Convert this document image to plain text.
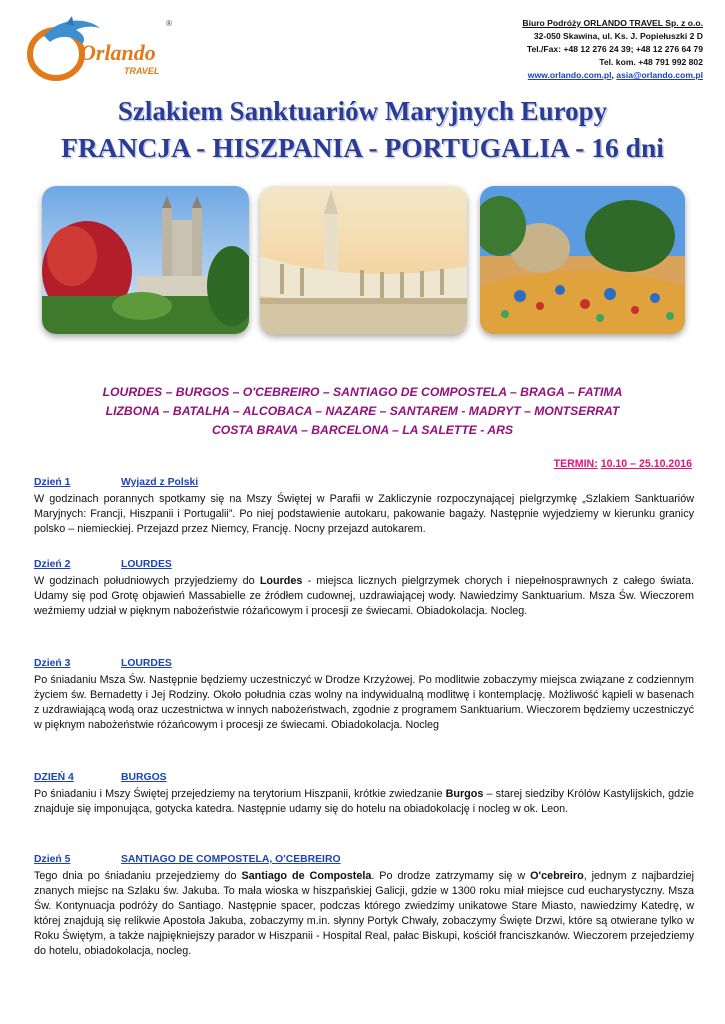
Orlando
TRAVEL
®	Biuro Podróży ORLANDO TRAVEL Sp. z o.o.
32-050 Skawina, ul. Ks. J. Popiełuszki 2 D
Tel./Fax: +48 12 276 24 39; +48 12 276 64 79
Tel. kom. +48 791 992 802
www.orlando.com.pl, asia@orlando.com.pl
Szlakiem Sanktuariów Maryjnych Europy
FRANCJA - HISZPANIA - PORTUGALIA - 16 dni
LOURDES – BURGOS – O'CEBREIRO – SANTIAGO DE COMPOSTELA – BRAGA – FATIMA
LIZBONA – BATALHA – ALCOBACA – NAZARE – SANTAREM - MADRYT – MONTSERRAT
COSTA BRAVA – BARCELONA – LA SALETTE - ARS
TERMIN: 10.10 – 25.10.2016
Dzień 1	Wyjazd z Polski

W godzinach porannych spotkamy się na Mszy Świętej w Parafii w Zakliczynie rozpoczynającej pielgrzymkę „Szlakiem Sanktuariów Maryjnych: Francji, Hiszpanii i Portugalii”. Po niej podstawienie autokaru, pakowanie bagaży. Następnie wyjedziemy w kierunku granicy polsko – niemieckiej. Przejazd przez Niemcy, Francję. Nocny przejazd autokarem.

Dzień 2	LOURDES

W godzinach południowych przyjedziemy do Lourdes - miejsca licznych pielgrzymek chorych i niepełnosprawnych z całego świata. Udamy się pod Grotę objawień Massabielle ze źródłem cudownej, uzdrawiającej wody. Nawiedzimy Sanktuarium. Msza Św. Wieczorem weźmiemy udział w pięknym nabożeństwie różańcowym i procesji ze świecami. Obiadokolacja. Nocleg.

Dzień 3	LOURDES

Po śniadaniu Msza Św. Następnie będziemy uczestniczyć w Drodze Krzyżowej. Po modlitwie zobaczymy miejsca związane z codziennym życiem św. Bernadetty i Jej Rodziny. Około południa czas wolny na indywidualną modlitwę i kontemplację. Możliwość kąpieli w basenach z uzdrawiającą wodą oraz uczestnictwa w innych nabożeństwach, zgodnie z programem Sanktuarium. Wieczorem będziemy uczestniczyć w pięknym nabożeństwie różańcowym i procesji ze świecami. Obiadokolacja. Nocleg

DZIEŃ 4	BURGOS

Po śniadaniu i Mszy Świętej przejedziemy na terytorium Hiszpanii, krótkie zwiedzanie Burgos – starej siedziby Królów Kastylijskich, gdzie znajduje się imponująca, gotycka katedra. Następnie udamy się do hotelu na obiadokolację i nocleg w ok. Leon.

Dzień 5	SANTIAGO DE COMPOSTELA, O'CEBREIRO

Tego dnia po śniadaniu przejedziemy do Santiago de Compostela. Po drodze zatrzymamy się w O'cebreiro, jednym z najbardziej znanych miejsc na Szlaku św. Jakuba. To mała wioska w hiszpańskiej Galicji, gdzie w 1300 roku miał miejsce cud eucharystyczny. Msza Św. Kontynuacja podróży do Santiago. Następnie spacer, podczas którego zwiedzimy unikatowe Stare Miasto, nawiedzimy Katedrę, w której znajdują się relikwie Apostoła Jakuba, zobaczymy m.in. słynny Portyk Chwały, zobaczymy Święte Drzwi, które są otwierane tylko w Roku Świętym, a także najpiękniejszy parador w Hiszpanii - Hospital Real, pałac Biskupi, kościół franciszkanów. Wieczorem przejedziemy do hotelu, obiadokolacja, nocleg.
